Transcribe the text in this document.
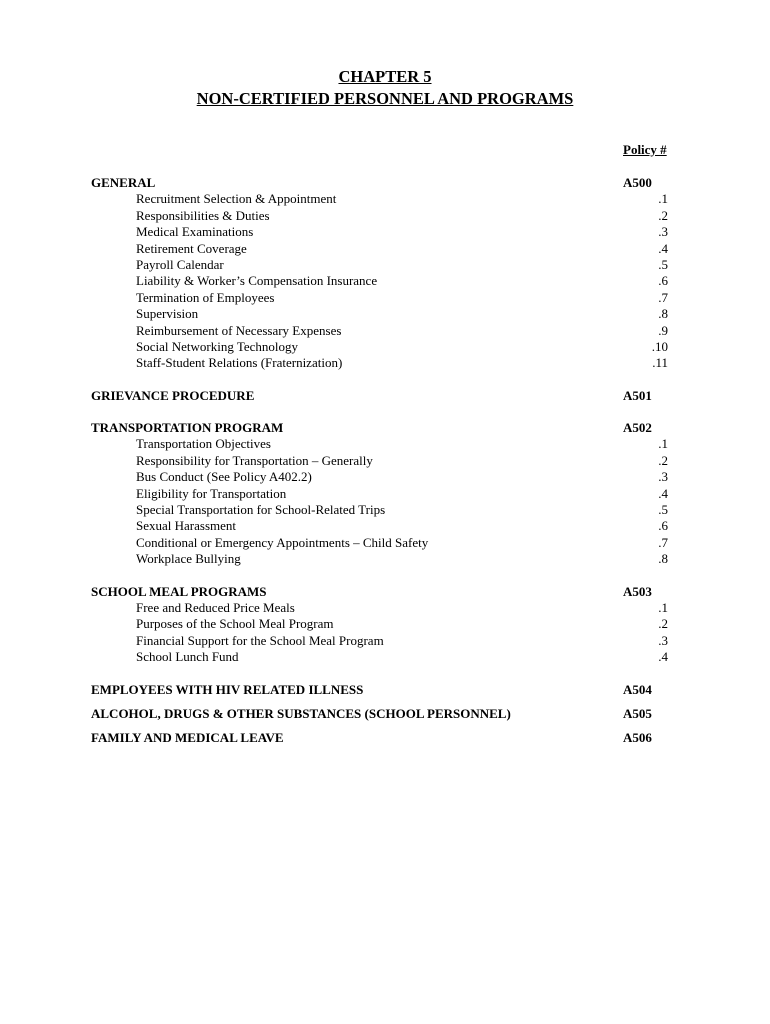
CHAPTER 5
NON-CERTIFIED PERSONNEL AND PROGRAMS
Policy #
GENERAL	A500
Recruitment Selection & Appointment	.1
Responsibilities & Duties	.2
Medical Examinations	.3
Retirement Coverage	.4
Payroll Calendar	.5
Liability & Worker’s Compensation Insurance	.6
Termination of Employees	.7
Supervision	.8
Reimbursement of Necessary Expenses	.9
Social Networking Technology	.10
Staff-Student Relations (Fraternization)	.11
GRIEVANCE PROCEDURE	A501
TRANSPORTATION PROGRAM	A502
Transportation Objectives	.1
Responsibility for Transportation – Generally	.2
Bus Conduct (See Policy A402.2)	.3
Eligibility for Transportation	.4
Special Transportation for School-Related Trips	.5
Sexual Harassment	.6
Conditional or Emergency Appointments – Child Safety	.7
Workplace Bullying	.8
SCHOOL MEAL PROGRAMS	A503
Free and Reduced Price Meals	.1
Purposes of the School Meal Program	.2
Financial Support for the School Meal Program	.3
School Lunch Fund	.4
EMPLOYEES WITH HIV RELATED ILLNESS	A504
ALCOHOL, DRUGS & OTHER SUBSTANCES (SCHOOL PERSONNEL)	A505
FAMILY AND MEDICAL LEAVE	A506
